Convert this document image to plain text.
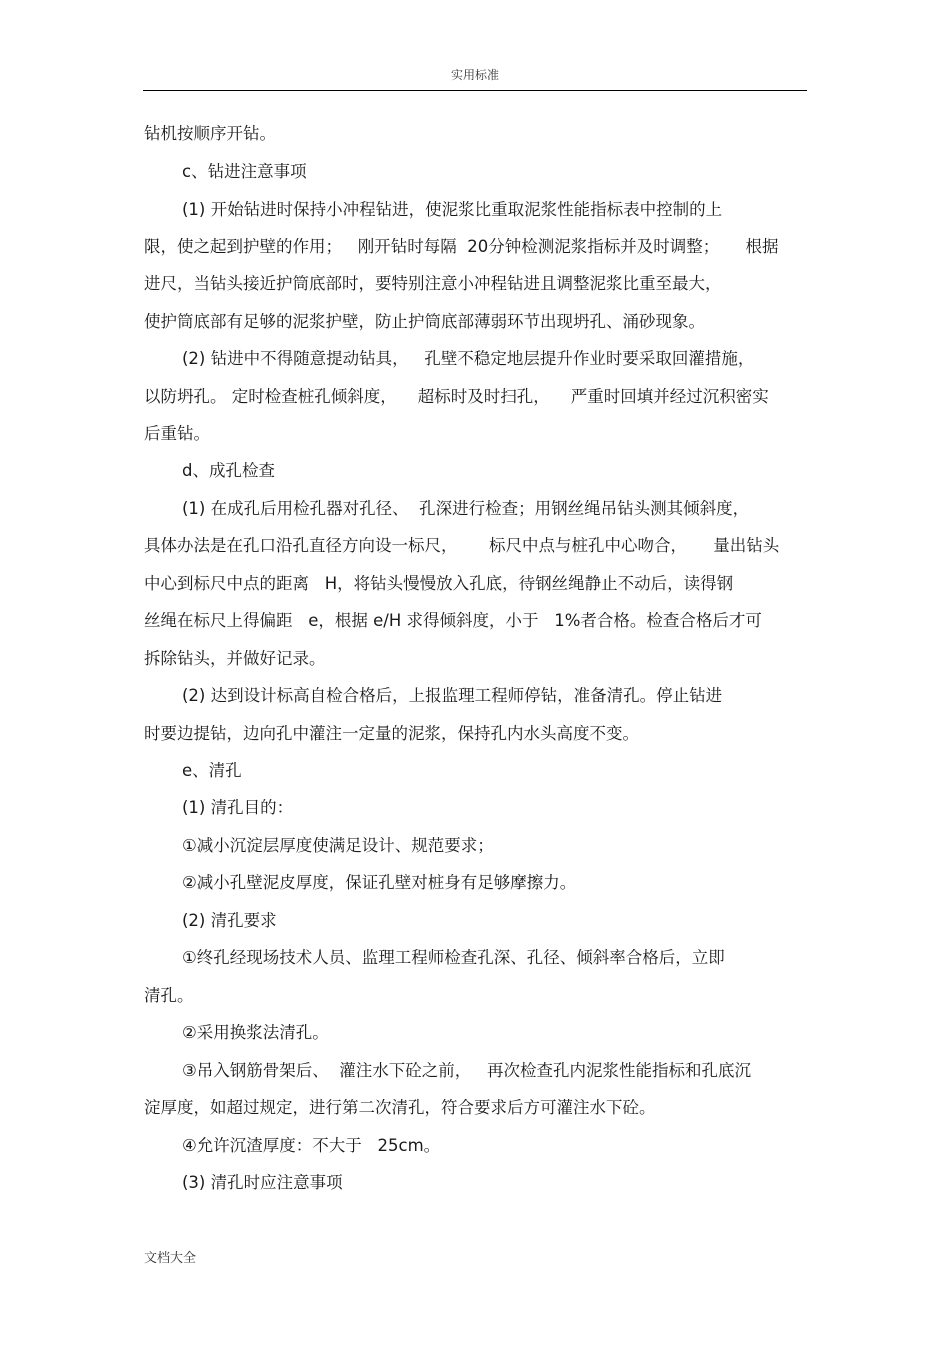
实用标准
钻机按顺序开钻。
c、钻进注意事项
(1) 开始钻进时保持小冲程钻进，使泥浆比重取泥浆性能指标表中控制的上
限，使之起到护壁的作用；   刚开钻时每隔  20分钟检测泥浆指标并及时调整；     根据
进尺，当钻头接近护筒底部时，要特别注意小冲程钻进且调整泥浆比重至最大，
使护筒底部有足够的泥浆护壁，防止护筒底部薄弱环节出现坍孔、涌砂现象。
(2) 钻进中不得随意提动钻具，   孔壁不稳定地层提升作业时要采取回灌措施，
以防坍孔。 定时检查桩孔倾斜度，    超标时及时扫孔，    严重时回填并经过沉积密实
后重钻。
d、成孔检查
(1) 在成孔后用检孔器对孔径、  孔深进行检查；用钢丝绳吊钻头测其倾斜度，
具体办法是在孔口沿孔直径方向设一标尺，      标尺中点与桩孔中心吻合，     量出钻头
中心到标尺中点的距离   H，将钻头慢慢放入孔底，待钢丝绳静止不动后，读得钢
丝绳在标尺上得偏距   e，根据 e/H 求得倾斜度，小于   1%者合格。检查合格后才可
拆除钻头，并做好记录。
(2) 达到设计标高自检合格后，上报监理工程师停钻，准备清孔。停止钻进
时要边提钻，边向孔中灌注一定量的泥浆，保持孔内水头高度不变。
e、清孔
(1) 清孔目的：
①减小沉淀层厚度使满足设计、规范要求；
②减小孔壁泥皮厚度，保证孔壁对桩身有足够摩擦力。
(2) 清孔要求
①终孔经现场技术人员、监理工程师检查孔深、孔径、倾斜率合格后，立即
清孔。
②采用换浆法清孔。
③吊入钢筋骨架后、  灌注水下砼之前，   再次检查孔内泥浆性能指标和孔底沉
淀厚度，如超过规定，进行第二次清孔，符合要求后方可灌注水下砼。
④允许沉渣厚度：不大于   25cm。
(3) 清孔时应注意事项
文档大全
